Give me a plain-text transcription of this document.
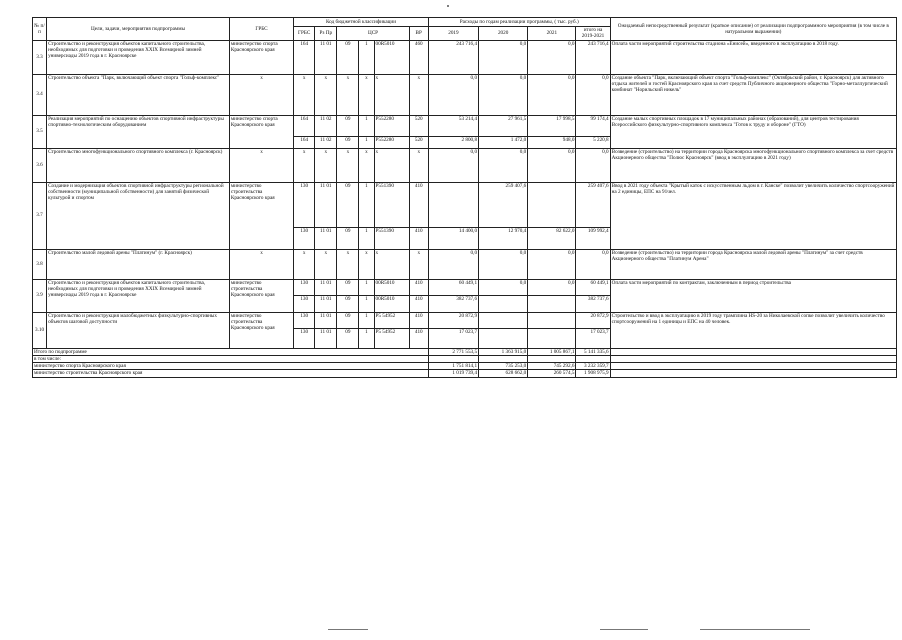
№ п/п	Цели, задачи, мероприятия подпрограммы	ГРБС	Код бюджетной классификации						Расходы по годам реализации программы, ( тыс. руб.)				Ожидаемый непосредственный результат (краткое описание) от реализации подпрограммного мероприятия (в том числе в натуральном выражении)
			ГРБС	Рз Пр	ЦСР			ВР	2019	2020	2021	итого на 2019-2021	
3.3	Строительство и реконструкция объектов капитального строительства, необходимых для подготовки и проведения XXIX Всемирной зимней универсиады 2019 года в г. Красноярске	министерство спорта Красноярского края	164	11 01	09	1	00R5010	460	243 716,4	0,0	0,0	243 716,4	Оплата части мероприятий строительства стадиона «Енисей», введенного в эксплуатацию в 2018 году.
3.4	Строительство объекта "Парк, включающий объект спорта "Гольф-комплекс"	x	x	x	x	x	x	x	0,0	0,0	0,0	0,0	Создание объекта "Парк, включающий объект спорта "Гольф-комплекс" (Октябрьский район, г. Красноярск) для активного отдыха жителей и гостей Красноярского края за счет средств Публичного акционерного общества "Горно-металлургический комбинат "Норильский никель"
3.5	Реализация мероприятий по оснащению объектов спортивной инфраструктуры спортивно-технологическим оборудованием	министерство спорта Красноярского края	164	11 02	09	1	P552280	520	53 214,4	27 961,5	17 998,5	99 174,4	Создание малых спортивных площадок в 17 муниципальных районах (образований), для центров тестирования Всероссийского физкультурно-спортивного комплекса "Готов к труду и обороне" (ГТО)
			164	11 02	09	1	P552280	520	2 800,8	1 472,0	948,0	5 220,8	
3.6	Строительство многофункционального спортивного комплекса (г. Красноярск)	x	x	x	x	x	x	x	0,0	0,0	0,0	0,0	Возведение (строительство) на территории города Красноярска многофункционального спортивного комплекса за счет средств Акционерного общества "Полюс Красноярск" (ввод в эксплуатацию в 2021 году)
3.7	Создание и модернизация объектов спортивной инфраструктуры региональной собственности (муниципальной собственности) для занятий физической культурой и спортом	министерство строительства Красноярского края	130	11 01	09	1	P551390	410		259 407,6		259 407,6	Ввод в 2021 году объекта "Крытый каток с искусственным льдом в г. Канске" позволит увеличить количество спортсооружений на 2 единицы, ЕПС на 91чел.
			130	11 01	09	1	P551390	410	14 400,0	12 970,4	82 622,0	109 992,4	
3.8	Строительство малой ледовой арены "Платинум" (г. Красноярск)	x	x	x	x	x	x	x	0,0	0,0	0,0	0,0	Возведение (строительство) на территории города Красноярска малой ледовой арены "Платинум" за счет средств Акционерного общества "Платинум Арена"
3.9	Строительство и реконструкция объектов капитального строительства, необходимых для подготовки и проведения XXIX Всемирной зимней универсиады 2019 года в г. Красноярске	министерство строительства Красноярского края	130	11 01	09	1	00R5010	410	60 449,1	0,0	0,0	60 449,1	Оплата части мероприятий по контрактам, заключенным в период строительства
			130	11 01	09	1	00R5010	410	382 737,6			382 737,6	
3.10	Строительство и реконструкция малобюджетных физкультурно-спортивных объектов шаговой доступности	министерство строительства Красноярского края	130	11 01	09	1	P5 54952	410	20 872,9			20 872,9	Строительство и ввод в эксплуатацию в 2019 году трамплина HS-20 за Николаевской сопке позволит увеличить количество спортсооружений на 1 единицы и ЕПС на 40 человек.
			130	11 01	09	1	P5 54952	410	17 023,7			17 023,7	
Итого по подпрограмме									2 771 553,5	1 363 915,0	1 005 867,1	5 141 335,6	
в том числе:													
министерство спорта Красноярского края									1 751 814,1	735 253,0	745 292,6	3 232 359,7	
министерство строительства Красноярского края									1 019 739,4	628 662,0	260 574,5	1 908 975,9	
